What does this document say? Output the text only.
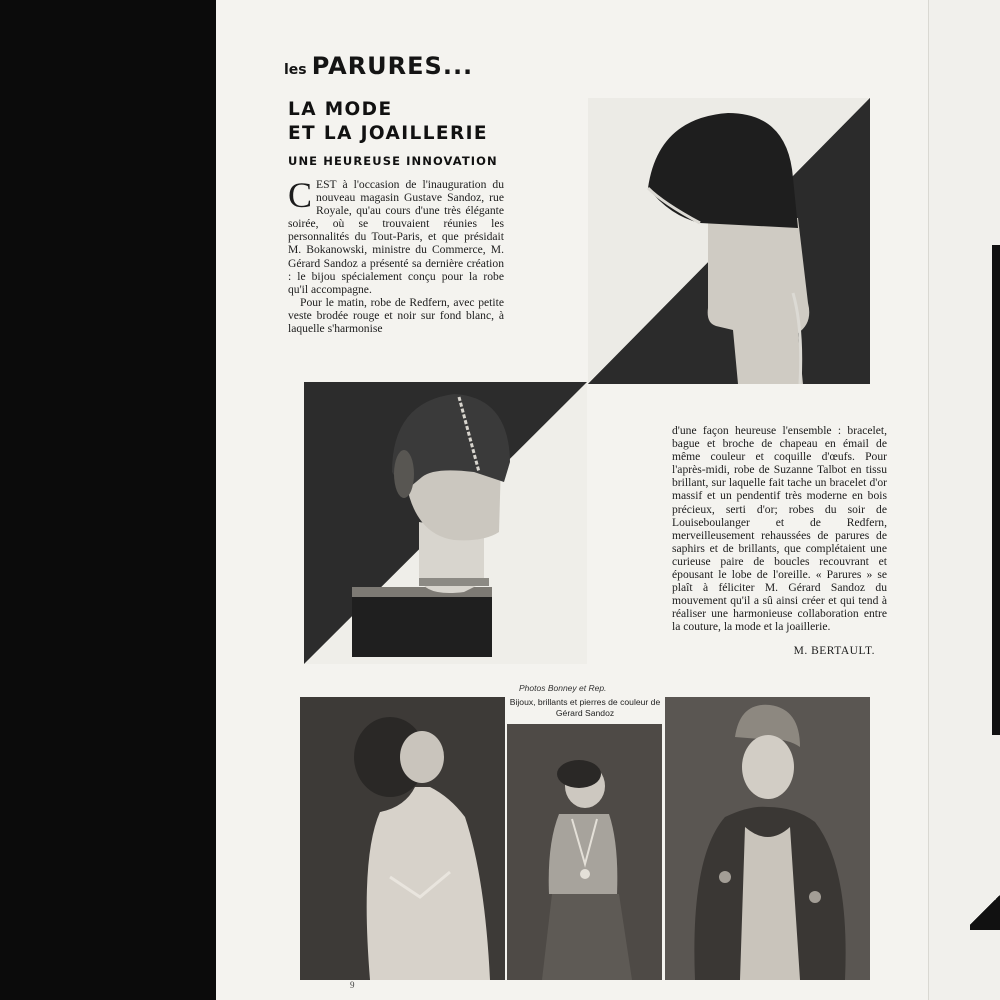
les PARURES...
LA MODE
ET LA JOAILLERIE
UNE HEUREUSE INNOVATION
C EST à l'occasion de l'inauguration du nouveau magasin Gustave Sandoz, rue Royale, qu'au cours d'une très élégante soirée, où se trouvaient réunies les personnalités du Tout-Paris, et que présidait M. Bokanowski, ministre du Commerce, M. Gérard Sandoz a présenté sa dernière création : le bijou spécialement conçu pour la robe qu'il accompagne.

Pour le matin, robe de Redfern, avec petite veste brodée rouge et noir sur fond blanc, à laquelle s'harmonise

d'une façon heureuse l'ensemble : bracelet, bague et broche de chapeau en émail de même couleur et coquille d'œufs. Pour l'après-midi, robe de Suzanne Talbot en tissu brillant, sur laquelle fait tache un bracelet d'or massif et un pendentif très moderne en bois précieux, serti d'or; robes du soir de Louiseboulanger et de Redfern, merveilleusement rehaussées de parures de saphirs et de brillants, que complétaient une curieuse paire de boucles recouvrant et épousant le lobe de l'oreille. « Parures » se plaît à féliciter M. Gérard Sandoz du mouvement qu'il a sû ainsi créer et qui tend à réaliser une harmonieuse collaboration entre la couture, la mode et la joaillerie.

M. BERTAULT.
Photos Bonney et Rep.
Bijoux, brillants et pierres de couleur de Gérard Sandoz
9
